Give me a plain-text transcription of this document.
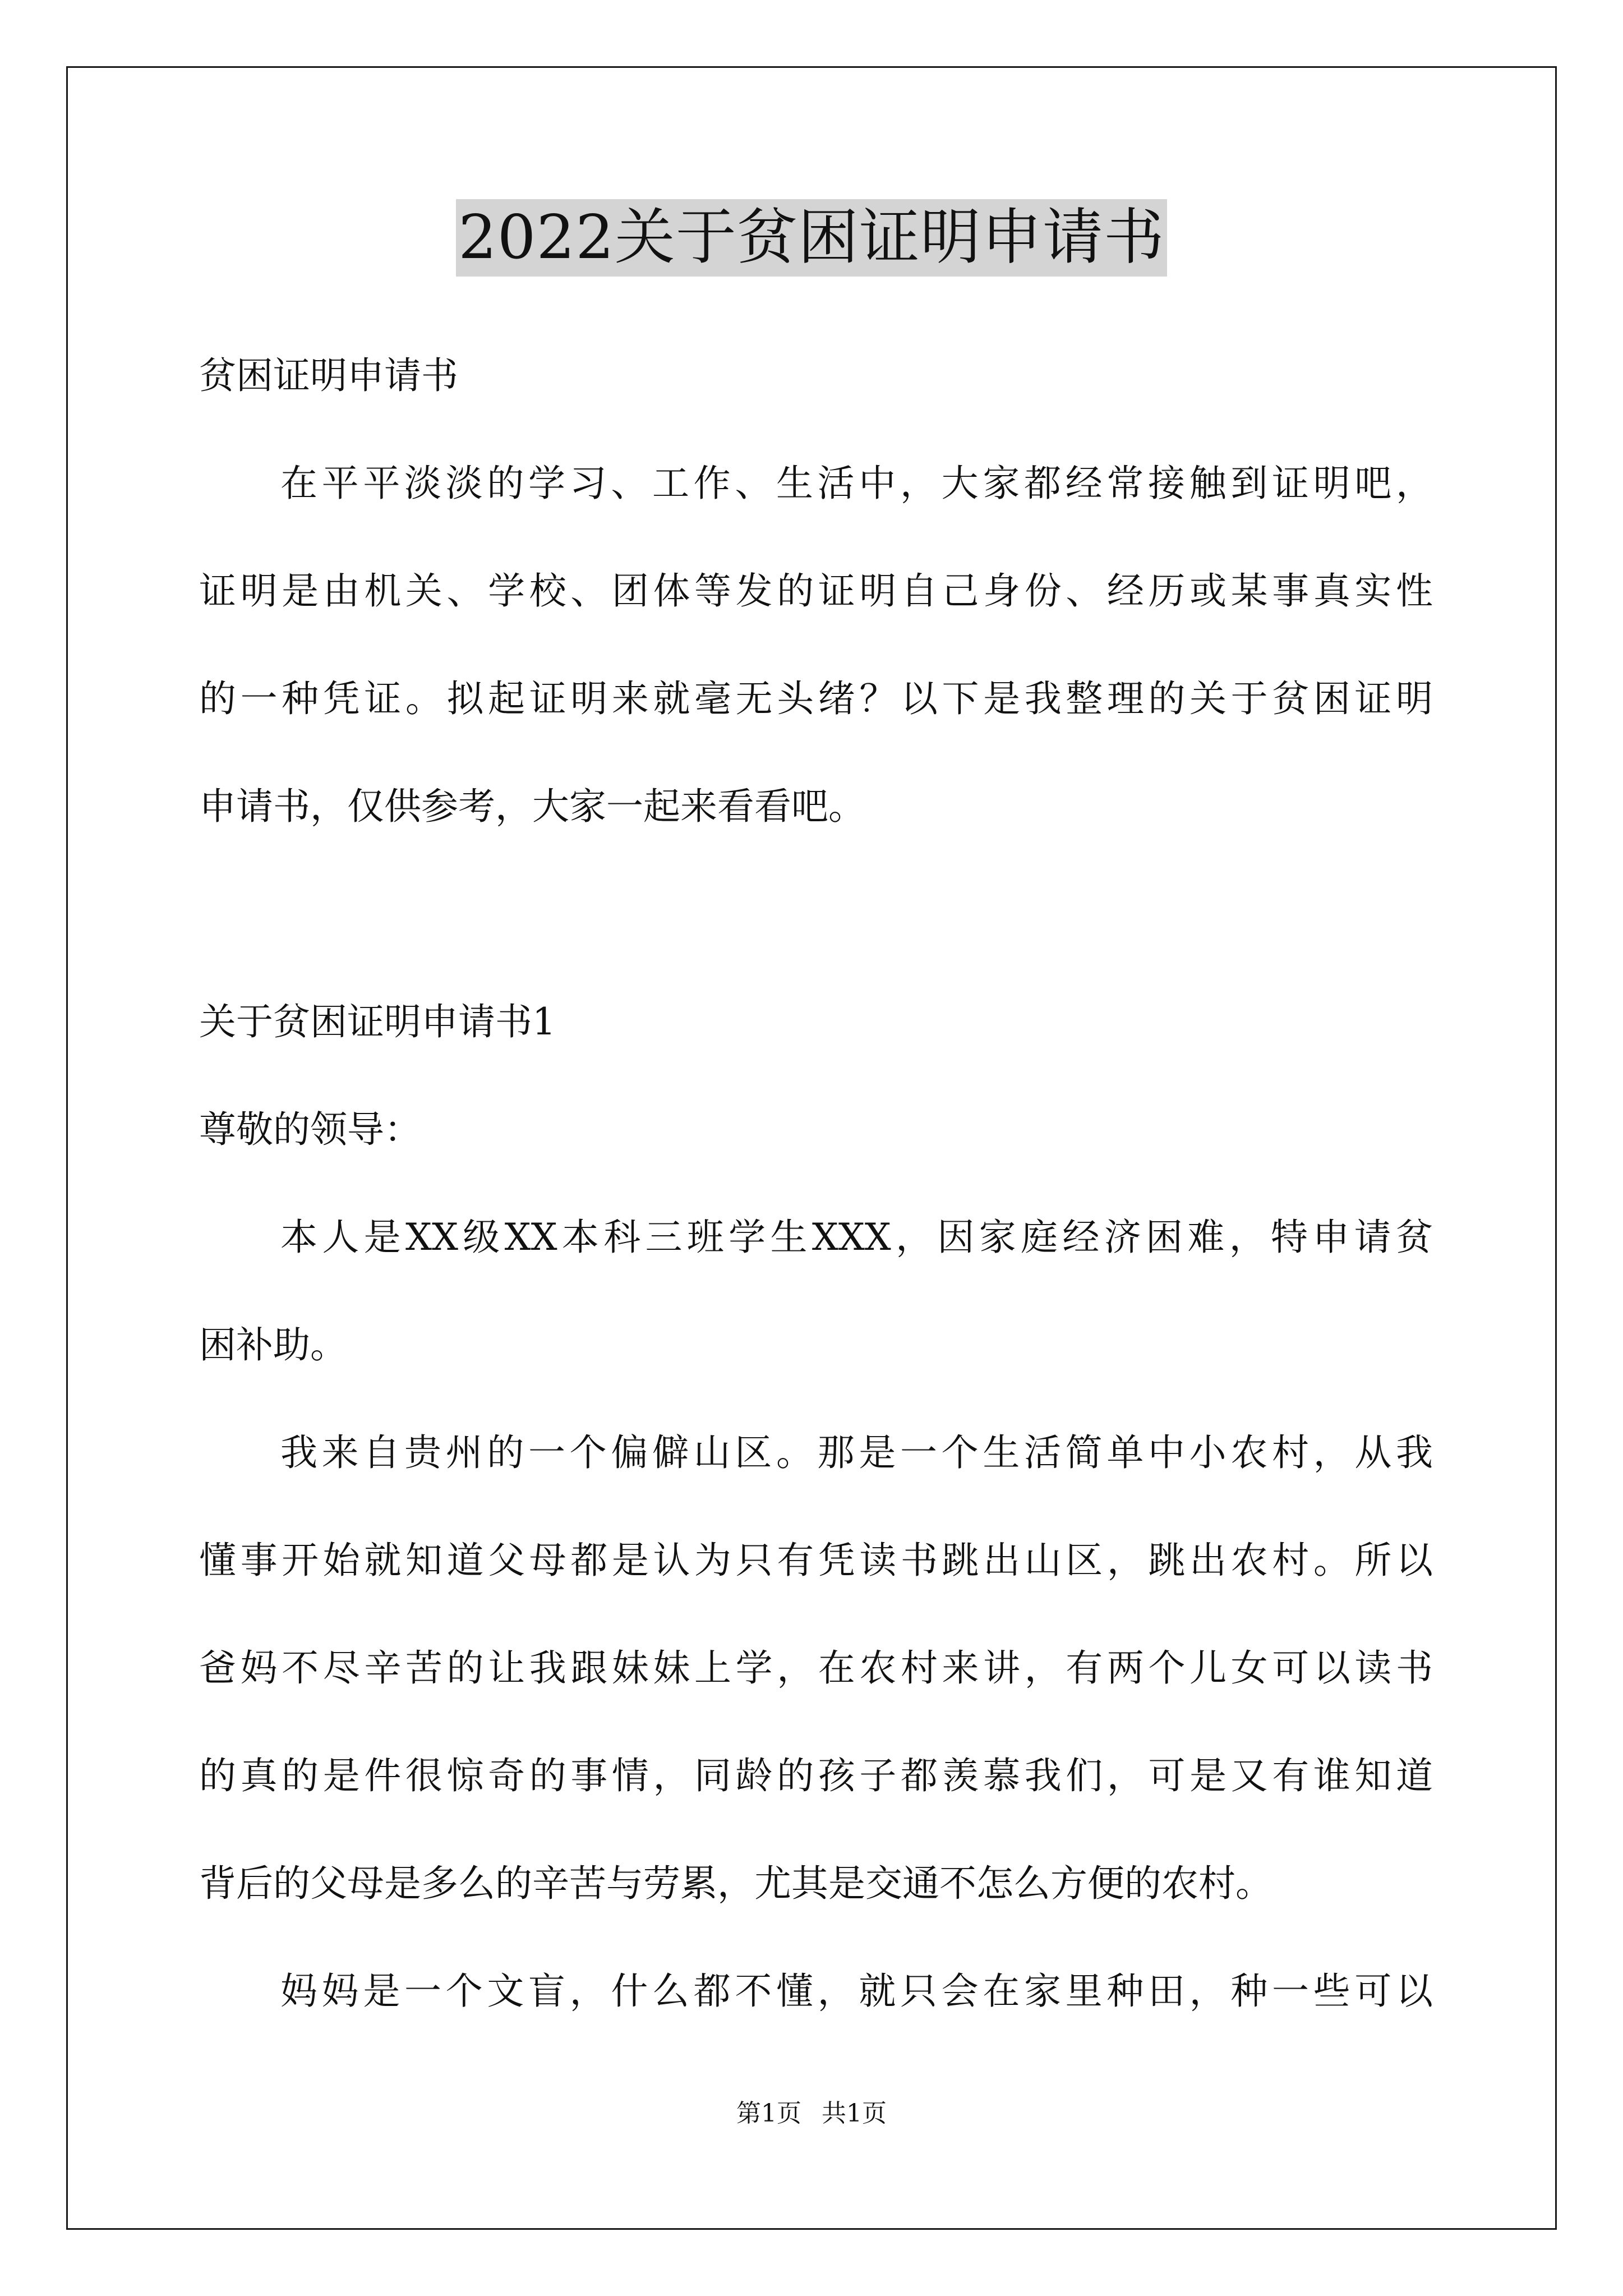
2022关于贫困证明申请书
贫困证明申请书
在平平淡淡的学习、工作、生活中，大家都经常接触到证明吧，
证明是由机关、学校、团体等发的证明自己身份、经历或某事真实性
的一种凭证。拟起证明来就毫无头绪？以下是我整理的关于贫困证明
申请书，仅供参考，大家一起来看看吧。
关于贫困证明申请书1
尊敬的领导：
本人是XX级XX本科三班学生XXX，因家庭经济困难，特申请贫
困补助。
我来自贵州的一个偏僻山区。那是一个生活简单中小农村，从我
懂事开始就知道父母都是认为只有凭读书跳出山区，跳出农村。所以
爸妈不尽辛苦的让我跟妹妹上学，在农村来讲，有两个儿女可以读书
的真的是件很惊奇的事情，同龄的孩子都羡慕我们，可是又有谁知道
背后的父母是多么的辛苦与劳累，尤其是交通不怎么方便的农村。
妈妈是一个文盲，什么都不懂，就只会在家里种田，种一些可以
第1页 共1页
